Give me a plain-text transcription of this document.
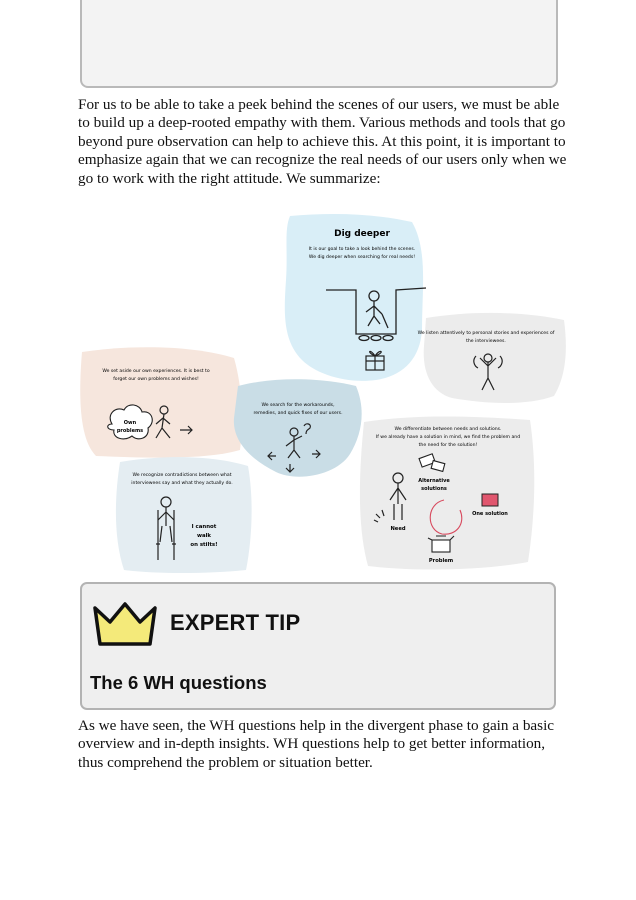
For us to be able to take a peek behind the scenes of our users, we must be able to build up a deep-rooted empathy with them. Various methods and tools that go beyond pure observation can help to achieve this. At this point, it is important to emphasize again that we can recognize the real needs of our users only when we go to work with the right attitude. We summarize:

Dig deeper
It is our goal to take a look behind the scenes.
We dig deeper when searching for real needs!
We listen attentively to personal stories and experiences of
the interviewees.
We set aside our own experiences. It is best to
forget our own problems and wishes!
Own
problems
We search for the workarounds,
remedies, and quick fixes of our users.
We differentiate between needs and solutions.
If we already have a solution in mind, we find the problem and
the need for the solution!
Need
Alternative
solutions
One solution
Problem
We recognize contradictions between what
interviewees say and what they actually do.
I cannot
walk
on stilts!
EXPERT TIP
The 6 WH questions

As we have seen, the WH questions help in the divergent phase to gain a basic overview and in-depth insights. WH questions help to get better information, thus comprehend the problem or situation better.
